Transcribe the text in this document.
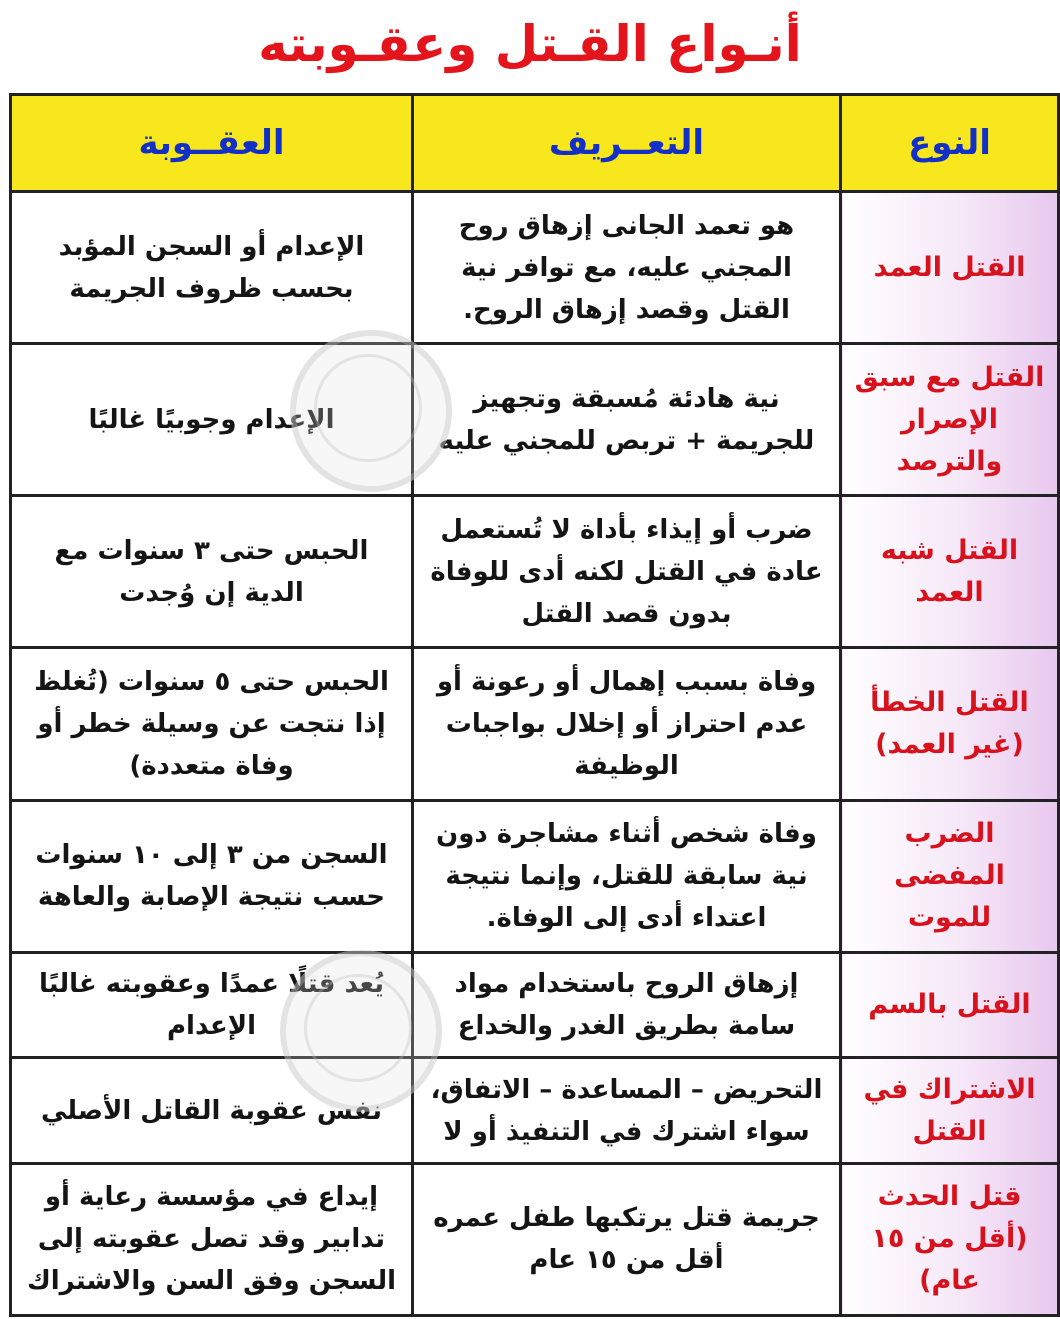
أنـواع القـتل وعقـوبته
النوع	التعــريف	العقــوبة
القتل العمد	هو تعمد الجانى إزهاق روح المجني عليه، مع توافر نية القتل وقصد إزهاق الروح.	الإعدام أو السجن المؤبد بحسب ظروف الجريمة
القتل مع سبق الإصرار والترصد	نية هادئة مُسبقة وتجهيز للجريمة + تربص للمجني عليه	الإعدام وجوبيًا غالبًا
القتل شبه العمد	ضرب أو إيذاء بأداة لا تُستعمل عادة في القتل لكنه أدى للوفاة بدون قصد القتل	الحبس حتى ٣ سنوات مع الدية إن وُجدت
القتل الخطأ (غير العمد)	وفاة بسبب إهمال أو رعونة أو عدم احتراز أو إخلال بواجبات الوظيفة	الحبس حتى ٥ سنوات (تُغلظ إذا نتجت عن وسيلة خطر أو وفاة متعددة)
الضرب المفضى للموت	وفاة شخص أثناء مشاجرة دون نية سابقة للقتل، وإنما نتيجة اعتداء أدى إلى الوفاة.	السجن من ٣ إلى ١٠ سنوات حسب نتيجة الإصابة والعاهة
القتل بالسم	إزهاق الروح باستخدام مواد سامة بطريق الغدر والخداع	يُعد قتلًا عمدًا وعقوبته غالبًا الإعدام
الاشتراك في القتل	التحريض – المساعدة – الاتفاق، سواء اشترك في التنفيذ أو لا	نفس عقوبة القاتل الأصلي
قتل الحدث (أقل من ١٥ عام)	جريمة قتل يرتكبها طفل عمره أقل من ١٥ عام	إيداع في مؤسسة رعاية أو تدابير وقد تصل عقوبته إلى السجن وفق السن والاشتراك
